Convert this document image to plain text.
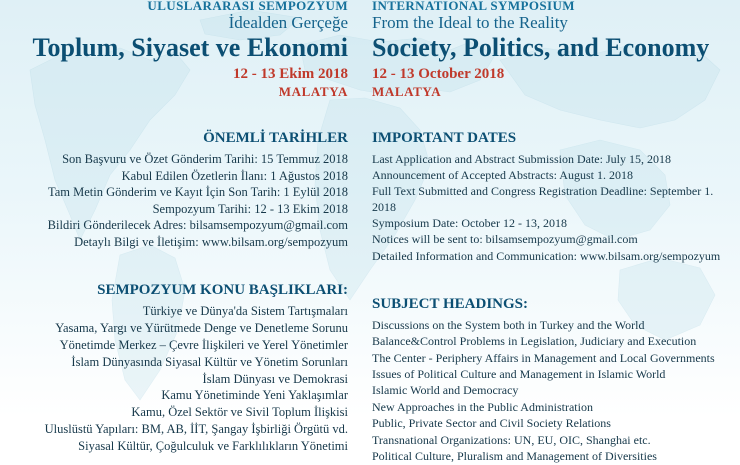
ULUSLARARASI SEMPOZYUM
İdealden Gerçeğe
Toplum, Siyaset ve Ekonomi
12 - 13 Ekim 2018
MALATYA
ÖNEMLİ TARİHLER
Son Başvuru ve Özet Gönderim Tarihi: 15 Temmuz 2018
Kabul Edilen Özetlerin İlanı: 1 Ağustos 2018
Tam Metin Gönderim ve Kayıt İçin Son Tarih: 1 Eylül 2018
Sempozyum Tarihi: 12 - 13 Ekim 2018
Bildiri Gönderilecek Adres: bilsamsempozyum@gmail.com
Detaylı Bilgi ve İletişim: www.bilsam.org/sempozyum
SEMPOZYUM KONU BAŞLIKLARI:
Türkiye ve Dünya'da Sistem Tartışmaları
Yasama, Yargı ve Yürütmede Denge ve Denetleme Sorunu
Yönetimde Merkez – Çevre İlişkileri ve Yerel Yönetimler
İslam Dünyasında Siyasal Kültür ve Yönetim Sorunları
İslam Dünyası ve Demokrasi
Kamu Yönetiminde Yeni Yaklaşımlar
Kamu, Özel Sektör ve Sivil Toplum İlişkisi
Uluslüstü Yapıları: BM, AB, İİT, Şangay İşbirliği Örgütü vd.
Siyasal Kültür, Çoğulculuk ve Farklılıkların Yönetimi
INTERNATIONAL SYMPOSIUM
From the Ideal to the Reality
Society, Politics, and Economy
12 - 13 October 2018
MALATYA
IMPORTANT DATES
Last Application and Abstract Submission Date: July 15, 2018
Announcement of Accepted Abstracts: August 1. 2018
Full Text Submitted and Congress Registration Deadline: September 1. 2018
Symposium Date: October 12 - 13, 2018
Notices will be sent to: bilsamsempozyum@gmail.com
Detailed Information and Communication: www.bilsam.org/sempozyum
SUBJECT HEADINGS:
Discussions on the System both in Turkey and the World
Balance&Control Problems in Legislation, Judiciary and Execution
The Center - Periphery Affairs in Management and Local Governments
Issues of Political Culture and Management in Islamic World
Islamic World and Democracy
New Approaches in the Public Administration
Public, Private Sector and Civil Society Relations
Transnational Organizations: UN, EU, OIC, Shanghai etc.
Political Culture, Pluralism and Management of Diversities
